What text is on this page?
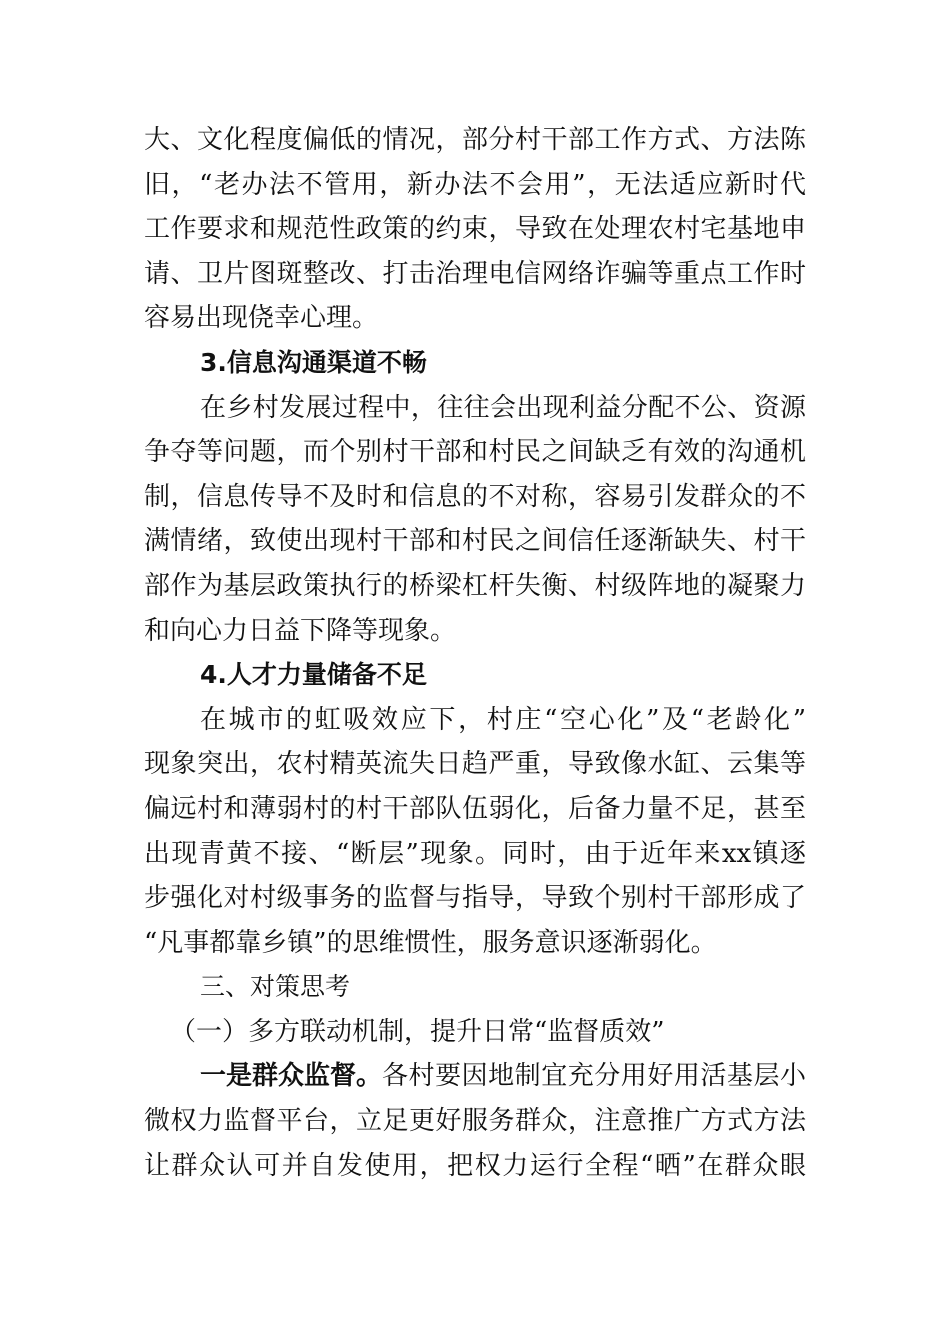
大、文化程度偏低的情况，部分村干部工作方式、方法陈
旧，“老办法不管用，新办法不会用”，无法适应新时代
工作要求和规范性政策的约束，导致在处理农村宅基地申
请、卫片图斑整改、打击治理电信网络诈骗等重点工作时
容易出现侥幸心理。
3.信息沟通渠道不畅
在乡村发展过程中，往往会出现利益分配不公、资源
争夺等问题，而个别村干部和村民之间缺乏有效的沟通机
制，信息传导不及时和信息的不对称，容易引发群众的不
满情绪，致使出现村干部和村民之间信任逐渐缺失、村干
部作为基层政策执行的桥梁杠杆失衡、村级阵地的凝聚力
和向心力日益下降等现象。
4.人才力量储备不足
在城市的虹吸效应下，村庄“空心化”及“老龄化”
现象突出，农村精英流失日趋严重，导致像水缸、云集等
偏远村和薄弱村的村干部队伍弱化，后备力量不足，甚至
出现青黄不接、“断层”现象。同时，由于近年来xx镇逐
步强化对村级事务的监督与指导，导致个别村干部形成了
“凡事都靠乡镇”的思维惯性，服务意识逐渐弱化。
三、对策思考
（一）多方联动机制，提升日常“监督质效”
一是群众监督。 各村要因地制宜充分用好用活基层小
微权力监督平台，立足更好服务群众，注意推广方式方法
让群众认可并自发使用，把权力运行全程“晒”在群众眼
